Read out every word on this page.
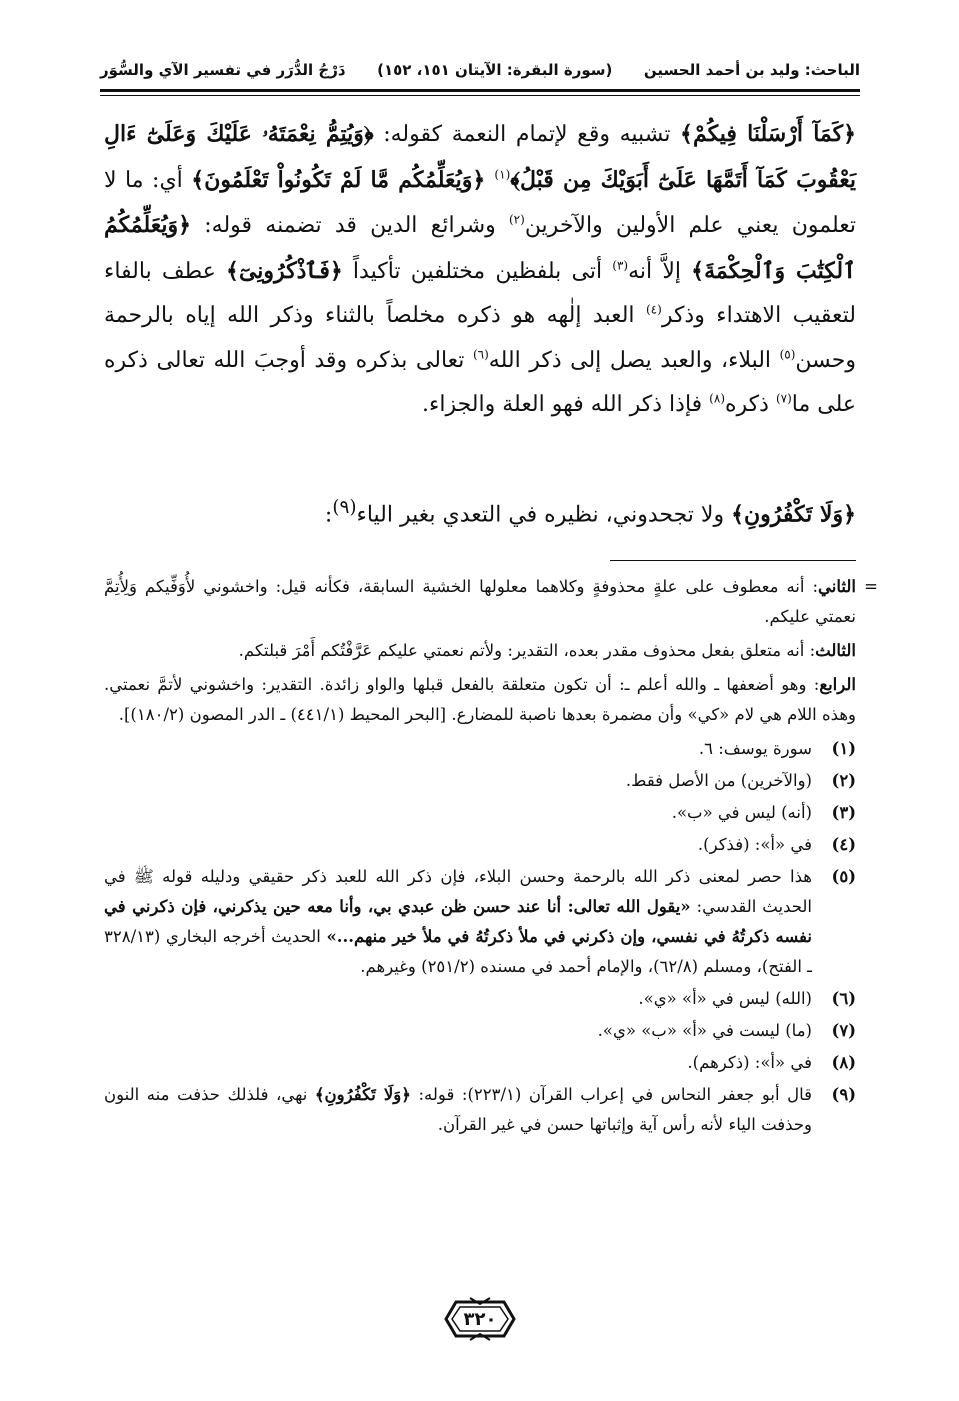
دَرْجُ الدُّرَر في تفسير الآي والسُّوَر (سورة البقرة: الآيتان ١٥١، ١٥٢) الباحث: وليد بن أحمد الحسين

﴿كَمَآ أَرْسَلْنَا فِيكُمْ﴾ تشبيه وقع لإتمام النعمة كقوله: ﴿وَيُتِمُّ نِعْمَتَهُۥ عَلَيْكَ وَعَلَىٰٓ ءَالِ يَعْقُوبَ كَمَآ أَتَمَّهَا عَلَىٰٓ أَبَوَيْكَ مِن قَبْلُ﴾$^{(١)}$ ﴿وَيُعَلِّمُكُم مَّا لَمْ تَكُونُواْ تَعْلَمُونَ﴾ أي: ما لا تعلمون يعني علم الأولين والآخرين$^{(٢)}$ وشرائع الدين قد تضمنه قوله: ﴿وَيُعَلِّمُكُمُ ٱلْكِتَٰبَ وَٱلْحِكْمَةَ﴾ إلاَّ أنه$^{(٣)}$ أتى بلفظين مختلفين تأكيداً ﴿فَٱذْكُرُونِىٓ﴾ عطف بالفاء لتعقيب الاهتداء وذكر$^{(٤)}$ العبد إلٰهه هو ذكره مخلصاً بالثناء وذكر الله إياه بالرحمة وحسن$^{(٥)}$ البلاء، والعبد يصل إلى ذكر الله$^{(٦)}$ تعالى بذكره وقد أوجبَ الله تعالى ذكره على ما$^{(٧)}$ ذكره$^{(٨)}$ فإذا ذكر الله فهو العلة والجزاء.

﴿وَلَا تَكْفُرُونِ﴾ ولا تجحدوني، نظيره في التعدي بغير الياء$^{(٩)}$:

=
الثاني: أنه معطوف على علةٍ محذوفةٍ وكلاهما معلولها الخشية السابقة، فكأنه قيل: واخشوني لأُوَفِّيكم وَلِأُتِمَّ نعمتي عليكم.

الثالث: أنه متعلق بفعل محذوف مقدر بعده، التقدير: ولأتم نعمتي عليكم عَرَّفْتُكم أَمْرَ قبلتكم.

الرابع: وهو أضعفها ـ والله أعلم ـ: أن تكون متعلقة بالفعل قبلها والواو زائدة. التقدير: واخشوني لأتمَّ نعمتي. وهذه اللام هي لام «كي» وأن مضمرة بعدها ناصبة للمضارع. [البحر المحيط (٤٤١/١) ـ الدر المصون (١٨٠/٢)].

(١)
سورة يوسف: ٦.
(٢)
(والآخرين) من الأصل فقط.
(٣)
(أنه) ليس في «ب».
(٤)
في «أ»: (فذكر).
(٥)
هذا حصر لمعنى ذكر الله بالرحمة وحسن البلاء، فإن ذكر الله للعبد ذكر حقيقي ودليله قوله ﷺ في الحديث القدسي: «يقول الله تعالى: أنا عند حسن ظن عبدي بي، وأنا معه حين يذكرني، فإن ذكرني في نفسه ذكرتُهُ في نفسي، وإن ذكرني في ملأ ذكرتُهُ في ملأ خير منهم...» الحديث أخرجه البخاري (٣٢٨/١٣ ـ الفتح)، ومسلم (٦٢/٨)، والإمام أحمد في مسنده (٢٥١/٢) وغيرهم.
(٦)
(الله) ليس في «أ» «ي».
(٧)
(ما) ليست في «أ» «ب» «ي».
(٨)
في «أ»: (ذكرهم).
(٩)
قال أبو جعفر النحاس في إعراب القرآن (٢٢٣/١): قوله: ﴿وَلَا تَكْفُرُونِ﴾ نهي، فلذلك حذفت منه النون وحذفت الياء لأنه رأس آية وإثباتها حسن في غير القرآن.
٣٢٠
